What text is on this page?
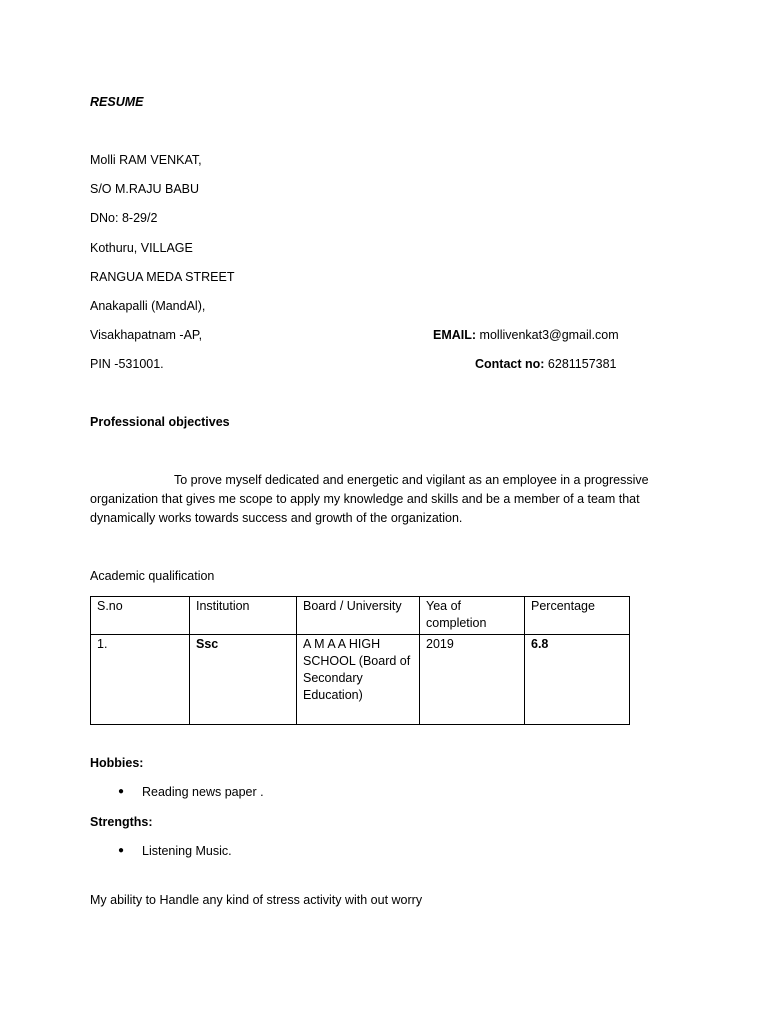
RESUME
Molli RAM VENKAT,
S/O M.RAJU BABU
DNo: 8-29/2
Kothuru, VILLAGE
RANGUA MEDA STREET
Anakapalli (MandAl),
Visakhapatnam -AP,
PIN -531001.
EMAIL: mollivenkat3@gmail.com
Contact no: 6281157381
Professional objectives
To prove myself dedicated and energetic and vigilant as an employee in a progressive organization that gives me scope to apply my knowledge and skills and be a member of a team that dynamically works towards success and growth of the organization.
Academic qualification
S.no	Institution	Board / University	Yea of completion	Percentage
1.	Ssc	A M A A HIGH SCHOOL (Board of Secondary Education)	2019	6.8
Hobbies:
● Reading news paper .
Strengths:
● Listening Music.
My ability to Handle any kind of stress activity with out worry
